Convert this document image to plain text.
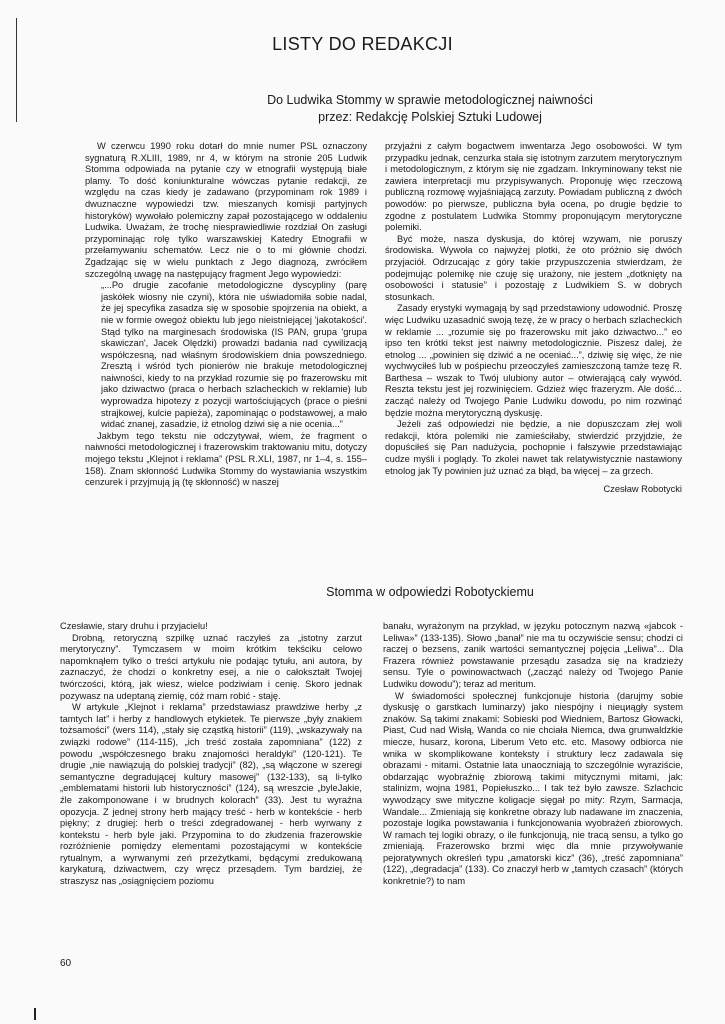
LISTY DO REDAKCJI
Do Ludwika Stommy w sprawie metodologicznej naiwności
przez: Redakcję Polskiej Sztuki Ludowej

W czerwcu 1990 roku dotarł do mnie numer PSL oznaczony sygnaturą R.XLIII, 1989, nr 4, w którym na stronie 205 Ludwik Stomma odpowiada na pytanie czy w etnografii występują białe plamy. To dość koniunkturalne wówczas pytanie redakcji, ze względu na czas kiedy je zadawano (przypominam rok 1989 i dwuznaczne wypowiedzi tzw. mieszanych komisji partyjnych historyków) wywołało polemiczny zapał pozostającego w oddaleniu Ludwika. Uważam, że trochę niesprawiedliwie rozdział On zasługi przypominając rolę tylko warszawskiej Katedry Etnografii w przełamywaniu schematów. Lecz nie o to mi głównie chodzi. Zgadzając się w wielu punktach z Jego diagnozą, zwróciłem szczególną uwagę na następujący fragment Jego wypowiedzi:

„...Po drugie zacofanie metodologiczne dyscypliny (parę jaskółek wiosny nie czyni), która nie uświadomiła sobie nadal, że jej specyfika zasadza się w sposobie spojrzenia na obiekt, a nie w formie owegoż obiektu lub jego nieistniejącej 'jakotakości'. Stąd tylko na marginesach środowiska (IS PAN, grupa 'grupa skawiczan', Jacek Olędzki) prowadzi badania nad cywilizacją współczesną, nad właśnym środowiskiem dnia powszedniego. Zresztą i wśród tych pionierów nie brakuje metodologicznej naiwności, kiedy to na przykład rozumie się po frazerowsku mit jako dziwactwo (praca o herbach szlacheckich w reklamie) lub wyprowadza hipotezy z pozycji wartościujących (prace o pieśni strajkowej, kulcie papieża), zapominając o podstawowej, a mało widać znanej, zasadzie, iż etnolog dziwi się a nie ocenia...”

Jakbym tego tekstu nie odczytywał, wiem, że fragment o naiwności metodologicznej i frazerowskim traktowaniu mitu, dotyczy mojego tekstu „Klejnot i reklama” (PSL R.XLI, 1987, nr 1–4, s. 155–158). Znam skłonność Ludwika Stommy do wystawiania wszystkim cenzurek i przyjmują ją (tę skłonność) w naszej

przyjaźni z całym bogactwem inwentarza Jego osobowości. W tym przypadku jednak, cenzurka stała się istotnym zarzutem merytorycznym i metodologicznym, z którym się nie zgadzam. Inkryminowany tekst nie zawiera interpretacji mu przypisywanych. Proponuję więc rzeczową publiczną rozmowę wyjaśniającą zarzuty. Powiadam publiczną z dwóch powodów: po pierwsze, publiczna była ocena, po drugie będzie to zgodne z postulatem Ludwika Stommy proponującym merytoryczne polemiki.

Być może, nasza dyskusja, do której wzywam, nie poruszy środowiska. Wywoła co najwyżej plotki, że oto próżnio się dwóch przyjaciół. Odrzucając z góry takie przypuszczenia stwierdzam, że podejmując polemikę nie czuję się urażony, nie jestem „dotknięty na osobowości i statusie” i pozostaję z Ludwikiem S. w dobrych stosunkach.

Zasady erystyki wymagają by sąd przedstawiony udowodnić. Proszę więc Ludwiku uzasadnić swoją tezę, że w pracy o herbach szlacheckich w reklamie ... „rozumie się po frazerowsku mit jako dziwactwo...” eo ipso ten krótki tekst jest naiwny metodologicznie. Piszesz dalej, że etnolog ... „powinien się dziwić a ne oceniać...”, dziwię się więc, że nie wychwyciłeś lub w pośpiechu przeoczyłeś zamieszczoną tamże tezę R. Barthesa – wszak to Twój ulubiony autor – otwierającą cały wywód. Reszta tekstu jest jej rozwinięciem. Gdzież więc frazeryzm. Ale dość... zacząć należy od Twojego Panie Ludwiku dowodu, po nim rozwinąć będzie można merytoryczną dyskusję.

Jeżeli zaś odpowiedzi nie będzie, a nie dopuszczam złej woli redakcji, która polemiki nie zamieściłaby, stwierdzić przyjdzie, że dopuściłeś się Pan nadużycia, pochopnie i fałszywie przedstawiając cudze myśli i poglądy. To zkolei nawet tak relatywistycznie nastawiony etnolog jak Ty powinien już uznać za błąd, ba więcej – za grzech.

Czesław Robotycki

Stomma w odpowiedzi Robotyckiemu

Czesławie, stary druhu i przyjacielu!

Drobną, retoryczną szpilkę uznać raczyłeś za „istotny zarzut merytoryczny”. Tymczasem w moim krótkim tekściku celowo napomknąłem tylko o treści artykułu nie podając tytułu, ani autora, by zaznaczyć, że chodzi o konkretny esej, a nie o całokształt Twojej twórczości, którą, jak wiesz, wielce podziwiam i cenię. Skoro jednak pozywasz na udeptaną ziemię, cóż mam robić - staję.

W artykule „Klejnot i reklama” przedstawiasz prawdziwe herby „z tamtych lat” i herby z handlowych etykietek. Te pierwsze „były znakiem tożsamości” (wers 114), „stały się cząstką historii” (119), „wskazywały na związki rodowe” (114-115), „ich treść została zapomniana” (122) z powodu „współczesnego braku znajomości heraldyki” (120-121). Te drugie „nie nawiązują do polskiej tradycji” (82), „są włączone w szeregi semantyczne degradującej kultury masowej” (132-133), są li-tylko „emblematami historii lub historyczności” (124), są wreszcie „byleJakie, źle zakomponowane i w brudnych kolorach” (33). Jest tu wyraźna opozycja. Z jednej strony herb mający treść - herb w kontekście - herb piękny; z drugiej: herb o treści zdegradowanej - herb wyrwany z kontekstu - herb byle jaki. Przypomina to do złudzenia frazerowskie rozróżnienie pomiędzy elementami pozostającymi w kontekście rytualnym, a wyrwanymi zeń przeżytkami, będącymi zredukowaną karykaturą, dziwactwem, czy wręcz przesądem. Tym bardziej, że straszysz nas „osiągnięciem poziomu

banału, wyrażonym na przykład, w języku potocznym nazwą «jabcok - Leliwa»” (133-135). Słowo „banał” nie ma tu oczywiście sensu; chodzi ci raczej o bezsens, zanik wartości semantycznej pojęcia „Leliwa”... Dla Frazera również powstawanie przesądu zasadza się na kradzieży sensu. Tyle o powinowactwach („zacząć należy od Twojego Panie Ludwiku dowodu”); teraz ad meritum.

W świadomości społecznej funkcjonuje historia (darujmy sobie dyskusję o garstkach luminarzy) jako niespójny i niециągły system znaków. Są takimi znakami: Sobieski pod Wiedniem, Bartosz Głowacki, Piast, Cud nad Wisłą, Wanda co nie chciała Niemca, dwa grunwaldzkie miecze, husarz, korona, Liberum Veto etc. etc. Masowy odbiorca nie wnika w skomplikowane konteksty i struktury lecz zadawala się obrazami - mitami. Ostatnie lata unaoczniają to szczególnie wyraziście, obdarzając wyobraźnię zbiorową takimi mitycznymi mitami, jak: stalinizm, wojna 1981, Popiełuszko... I tak też było zawsze. Szlachcic wywodzący swe mityczne koligacje sięgał po mity: Rzym, Sarmacja, Wandale... Zmieniają się konkretne obrazy lub nadawane im znaczenia, pozostaje logika powstawania i funkcjonowania wyobrażeń zbiorowych. W ramach tej logiki obrazy, o ile funkcjonują, nie tracą sensu, a tylko go zmieniają. Frazerowsko brzmi więc dla mnie przywoływanie pejoratywnych określeń typu „amatorski kicz” (36), „treść zapomniana” (122), „degradacja” (133). Co znaczył herb w „tamtych czasach” (których konkretnie?) to nam

60
